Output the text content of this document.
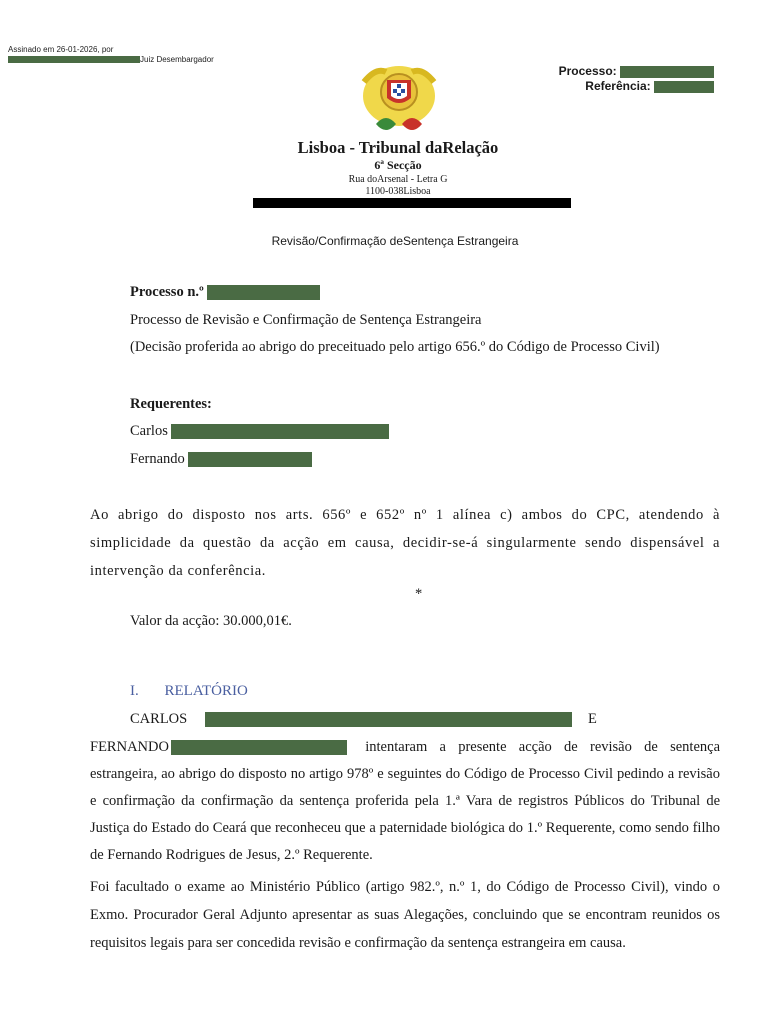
Assinado em 26-01-2026, por
Juiz Desembargador
Processo:
Referência:
Lisboa - Tribunal daRelação
6ª Secção
Rua doArsenal - Letra G
1100-038Lisboa
Revisão/Confirmação deSentença Estrangeira
Processo n.º
Processo de Revisão e Confirmação de Sentença Estrangeira
(Decisão proferida ao abrigo do preceituado pelo artigo 656.º do Código de Processo Civil)
Requerentes:
Carlos
Fernando
Ao abrigo do disposto nos arts. 656º e 652º nº 1 alínea c) ambos do CPC, atendendo à simplicidade da questão da acção em causa, decidir-se-á singularmente sendo dispensável a intervenção da conferência.
*
Valor da acção: 30.000,01€.
I. RELATÓRIO
CARLOS	E
FERNANDO	intentaram a presente acção de revisão de sentença estrangeira, ao abrigo do disposto no artigo 978º e seguintes do Código de Processo Civil pedindo a revisão e confirmação da confirmação da sentença proferida pela 1.ª Vara de registros Públicos do Tribunal de Justiça do Estado do Ceará que reconheceu que a paternidade biológica do 1.º Requerente, como sendo filho de Fernando Rodrigues de Jesus, 2.º Requerente.
Foi facultado o exame ao Ministério Público (artigo 982.º, n.º 1, do Código de Processo Civil), vindo o Exmo. Procurador Geral Adjunto apresentar as suas Alegações, concluindo que se encontram reunidos os requisitos legais para ser concedida revisão e confirmação da sentença estrangeira em causa.
